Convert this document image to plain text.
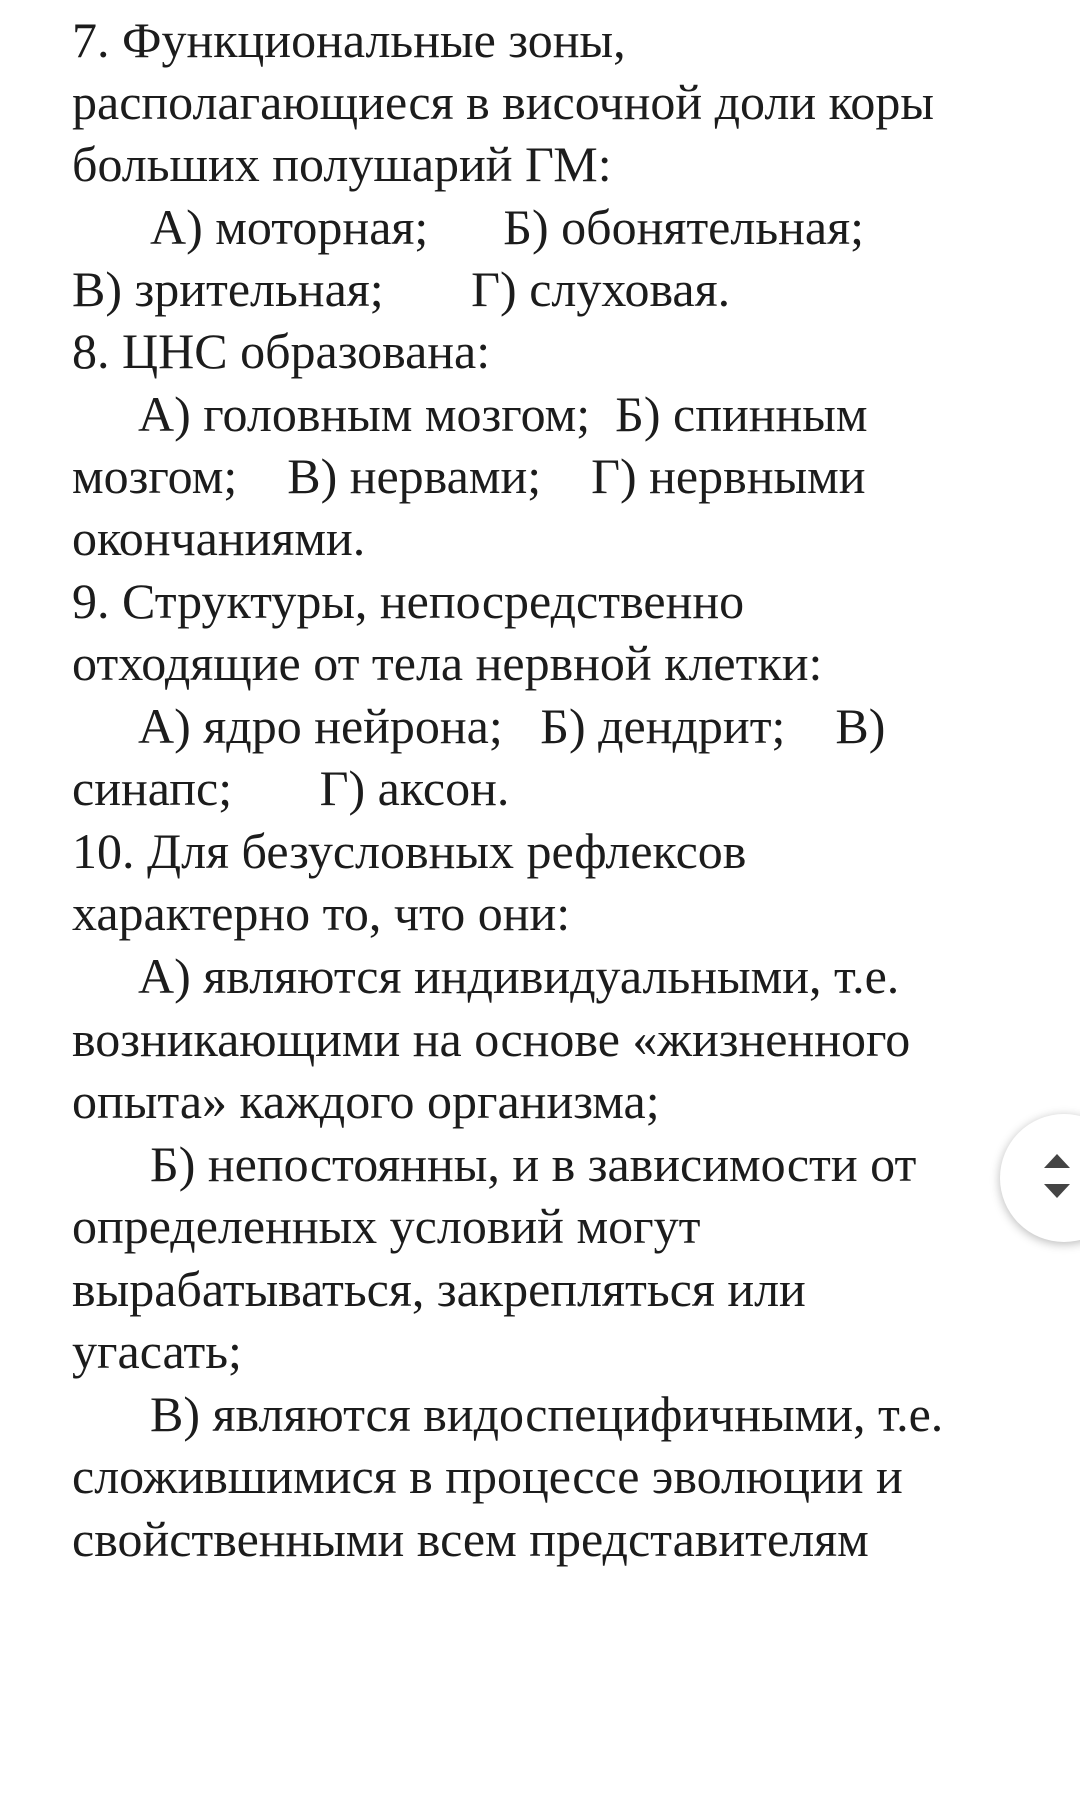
7. Функциональные зоны,

располагающиеся в височной доли коры

больших полушарий ГМ:

А) моторная;      Б) обонятельная;

В) зрительная;       Г) слуховая.

8. ЦНС образована:

А) головным мозгом;  Б) спинным

мозгом;    В) нервами;    Г) нервными

окончаниями.

9. Структуры, непосредственно

отходящие от тела нервной клетки:

А) ядро нейрона;   Б) дендрит;    В)

синапс;       Г) аксон.

10. Для безусловных рефлексов

характерно то, что они:

А) являются индивидуальными, т.е.

возникающими на основе «жизненного

опыта» каждого организма;

Б) непостоянны, и в зависимости от

определенных условий могут

вырабатываться, закрепляться или

угасать;

В) являются видоспецифичными, т.е.

сложившимися в процессе эволюции и

свойственными всем представителям
